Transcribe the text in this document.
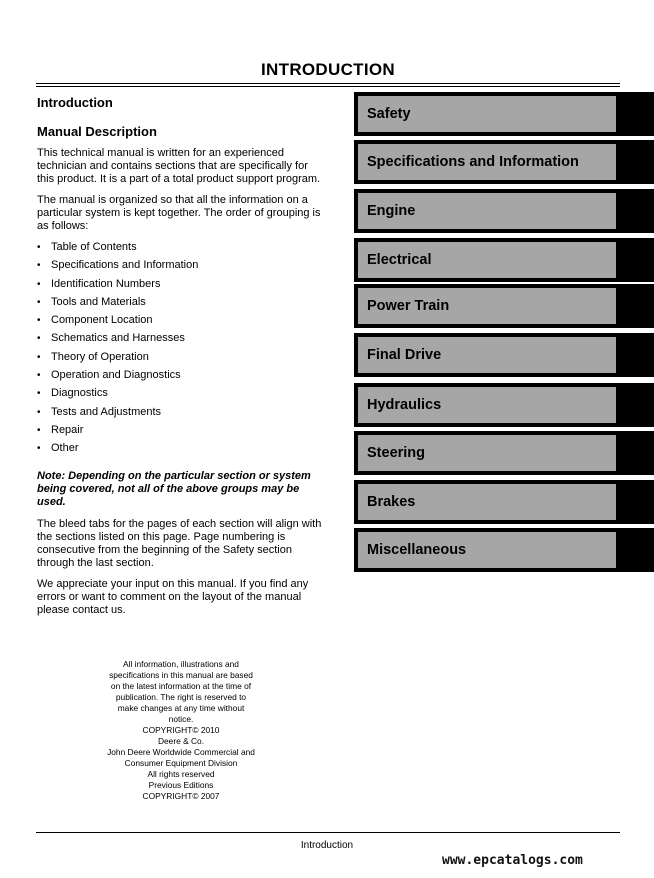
INTRODUCTION
Introduction
Manual Description

This technical manual is written for an experienced technician and contains sections that are specifically for this product. It is a part of a total product support program.

The manual is organized so that all the information on a particular system is kept together. The order of grouping is as follows:

• Table of Contents
• Specifications and Information
• Identification Numbers
• Tools and Materials
• Component Location
• Schematics and Harnesses
• Theory of Operation
• Operation and Diagnostics
• Diagnostics
• Tests and Adjustments
• Repair
• Other

Note: Depending on the particular section or system being covered, not all of the above groups may be used.

The bleed tabs for the pages of each section will align with the sections listed on this page. Page numbering is consecutive from the beginning of the Safety section through the last section.

We appreciate your input on this manual. If you find any errors or want to comment on the layout of the manual please contact us.

Safety
Specifications and Information
Engine
Electrical
Power Train
Final Drive
Hydraulics
Steering
Brakes
Miscellaneous
All information, illustrations and
specifications in this manual are based
on the latest information at the time of
publication. The right is reserved to
make changes at any time without
notice.
COPYRIGHT© 2010
Deere & Co.
John Deere Worldwide Commercial and
Consumer Equipment Division
All rights reserved
Previous Editions
COPYRIGHT© 2007
Introduction
www.epcatalogs.com
